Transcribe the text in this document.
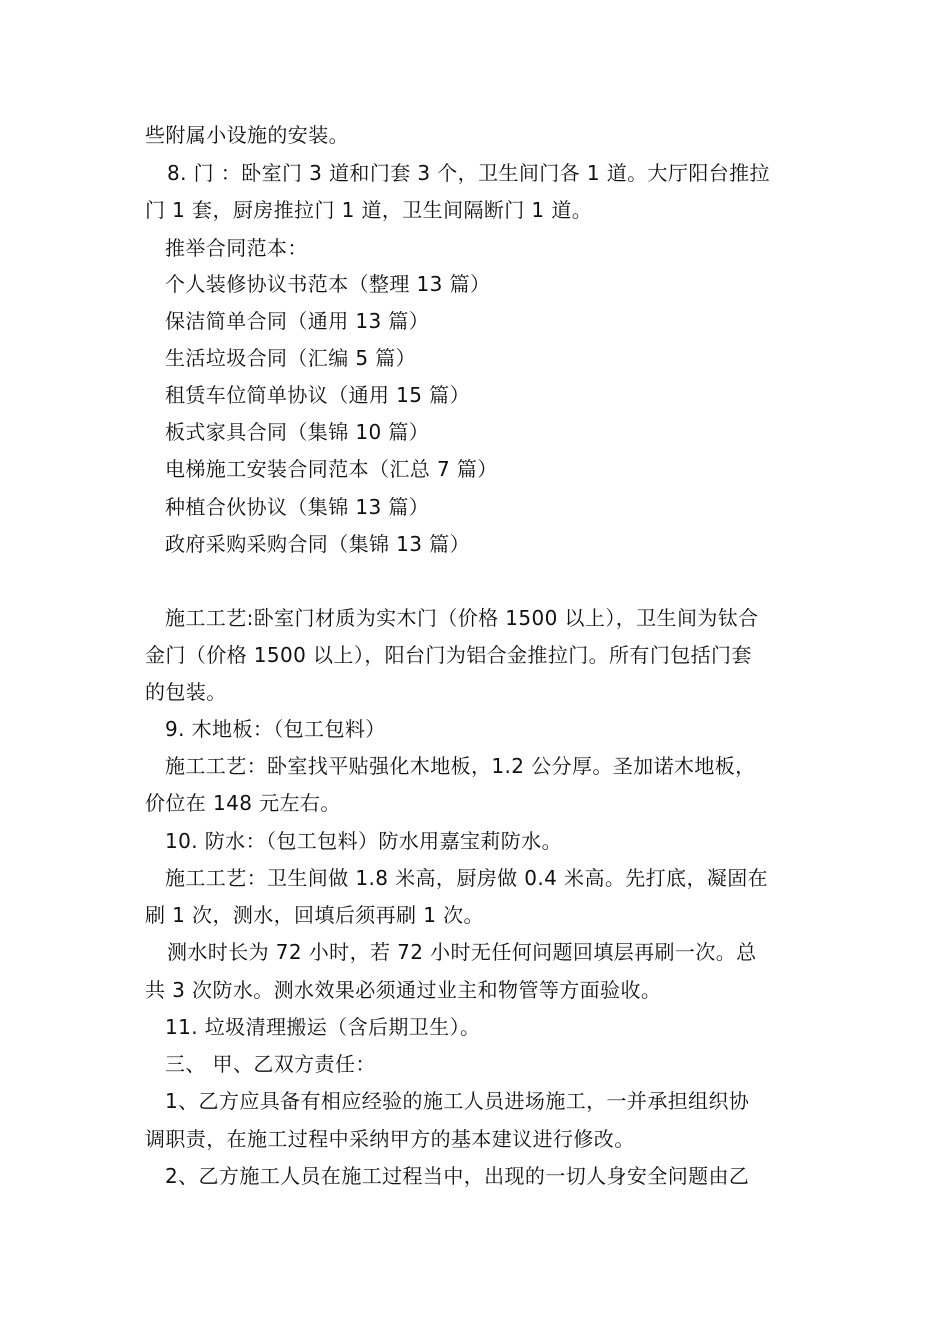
些附属小设施的安装。
8. 门 ：卧室门 3 道和门套 3 个，卫生间门各 1 道。大厅阳台推拉
门 1 套，厨房推拉门 1 道，卫生间隔断门 1 道。
推举合同范本：
个人装修协议书范本（整理 13 篇）
保洁简单合同（通用 13 篇）
生活垃圾合同（汇编 5 篇）
租赁车位简单协议（通用 15 篇）
板式家具合同（集锦 10 篇）
电梯施工安装合同范本（汇总 7 篇）
种植合伙协议（集锦 13 篇）
政府采购采购合同（集锦 13 篇）
施工工艺:卧室门材质为实木门（价格 1500 以上），卫生间为钛合
金门（价格 1500 以上），阳台门为铝合金推拉门。所有门包括门套
的包装。
9. 木地板：（包工包料）
施工工艺：卧室找平贴强化木地板，1.2 公分厚。圣加诺木地板，
价位在 148 元左右。
10. 防水：（包工包料）防水用嘉宝莉防水。
施工工艺：卫生间做 1.8 米高，厨房做 0.4 米高。先打底，凝固在
刷 1 次，测水，回填后须再刷 1 次。
测水时长为 72 小时，若 72 小时无任何问题回填层再刷一次。总
共 3 次防水。测水效果必须通过业主和物管等方面验收。
11. 垃圾清理搬运（含后期卫生）。
三、 甲、乙双方责任：
1、乙方应具备有相应经验的施工人员进场施工，一并承担组织协
调职责，在施工过程中采纳甲方的基本建议进行修改。
2、乙方施工人员在施工过程当中，出现的一切人身安全问题由乙
